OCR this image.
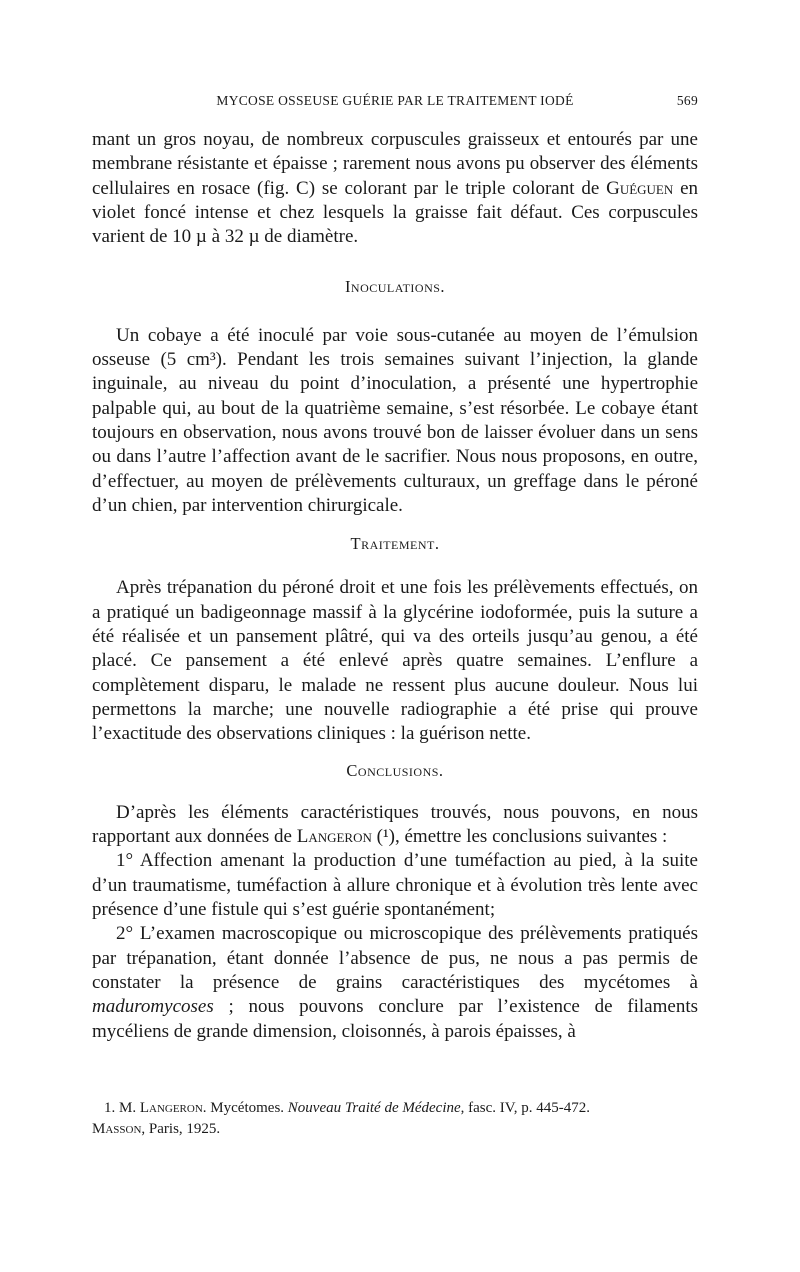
MYCOSE OSSEUSE GUÉRIE PAR LE TRAITEMENT IODÉ	569

mant un gros noyau, de nombreux corpuscules graisseux et entourés par une membrane résistante et épaisse ; rarement nous avons pu observer des éléments cellulaires en rosace (fig. C) se colorant par le triple colorant de Guéguen en violet foncé intense et chez lesquels la graisse fait défaut. Ces corpuscules varient de 10 µ à 32 µ de diamètre.

Inoculations.

Un cobaye a été inoculé par voie sous-cutanée au moyen de l’émulsion osseuse (5 cm³). Pendant les trois semaines suivant l’injection, la glande inguinale, au niveau du point d’inoculation, a présenté une hypertrophie palpable qui, au bout de la quatrième semaine, s’est résorbée. Le cobaye étant toujours en observation, nous avons trouvé bon de laisser évoluer dans un sens ou dans l’autre l’affection avant de le sacrifier. Nous nous proposons, en outre, d’effectuer, au moyen de prélèvements culturaux, un greffage dans le péroné d’un chien, par intervention chirurgicale.

Traitement.

Après trépanation du péroné droit et une fois les prélèvements effectués, on a pratiqué un badigeonnage massif à la glycérine iodoformée, puis la suture a été réalisée et un pansement plâtré, qui va des orteils jusqu’au genou, a été placé. Ce pansement a été enlevé après quatre semaines. L’enflure a complètement disparu, le malade ne ressent plus aucune douleur. Nous lui permettons la marche; une nouvelle radiographie a été prise qui prouve l’exactitude des observations cliniques : la guérison nette.

Conclusions.

D’après les éléments caractéristiques trouvés, nous pouvons, en nous rapportant aux données de Langeron (¹), émettre les conclusions suivantes :

1° Affection amenant la production d’une tuméfaction au pied, à la suite d’un traumatisme, tuméfaction à allure chronique et à évolution très lente avec présence d’une fistule qui s’est guérie spontanément;

2° L’examen macroscopique ou microscopique des prélèvements pratiqués par trépanation, étant donnée l’absence de pus, ne nous a pas permis de constater la présence de grains caractéristiques des mycétomes à maduromycoses ; nous pouvons conclure par l’existence de filaments mycéliens de grande dimension, cloisonnés, à parois épaisses, à

1. M. Langeron. Mycétomes. Nouveau Traité de Médecine, fasc. IV, p. 445-472.

Masson, Paris, 1925.
